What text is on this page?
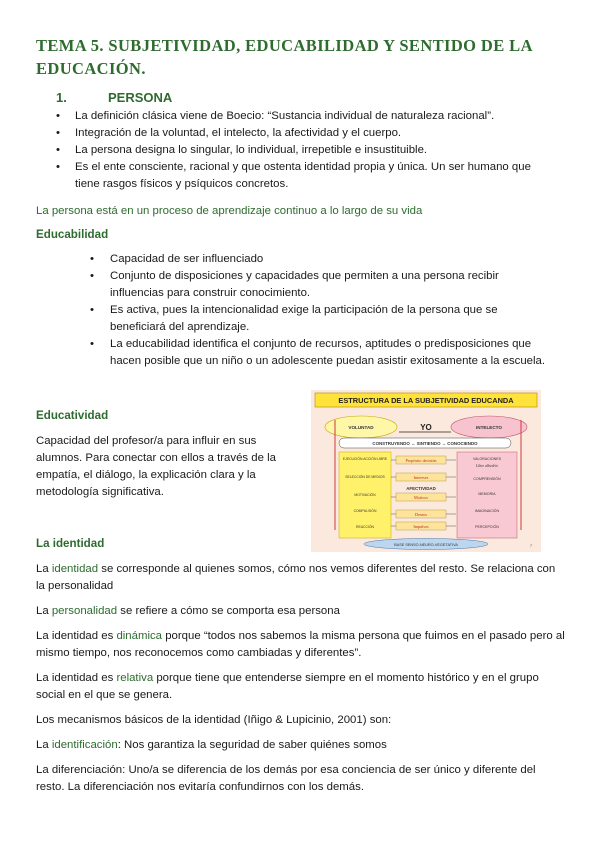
TEMA 5. SUBJETIVIDAD, EDUCABILIDAD Y SENTIDO DE LA EDUCACIÓN.
1.	PERSONA
• La definición clásica viene de Boecio: “Sustancia individual de naturaleza racional”.
• Integración de la voluntad, el intelecto, la afectividad y el cuerpo.
• La persona designa lo singular, lo individual, irrepetible e insustituible.
• Es el ente consciente, racional y que ostenta identidad propia y única. Un ser humano que tiene rasgos físicos y psíquicos concretos.

La persona está en un proceso de aprendizaje continuo a lo largo de su vida

Educabilidad

• Capacidad de ser influenciado
• Conjunto de disposiciones y capacidades que permiten a una persona recibir influencias para construir conocimiento.
• Es activa, pues la intencionalidad exige la participación de la persona que se beneficiará del aprendizaje.
• La educabilidad identifica el conjunto de recursos, aptitudes o predisposiciones que hacen posible que un niño o un adolescente puedan asistir exitosamente a la escuela.

Educatividad

Capacidad del profesor/a para influir en sus alumnos. Para conectar con ellos a través de la empatía, el diálogo, la explicación clara y la metodología significativa.

ESTRUCTURA DE LA SUBJETIVIDAD EDUCANDA
VOLUNTAD	INTELECTO
YO
CONSTRUYENDO ↔ SINTIENDO ↔ CONOCIENDO
EJECUCIÓN ACCIÓN LIBRE
SELECCIÓN DE MEDIOS
MOTIVACIÓN
COMPULSIÓN
REACCIÓN
Propósito decisión
Intereses
AFECTIVIDAD
Motivos
Deseos
Impulsos
VALORACIONES
Libre albedrío
COMPRENSIÓN
MEMORIA
IMAGINACIÓN
PERCEPCIÓN
BASE SENSO-NEURO-VEGETATIVA	7

La identidad

La identidad se corresponde al quienes somos, cómo nos vemos diferentes del resto. Se relaciona con la personalidad

La personalidad se refiere a cómo se comporta esa persona

La identidad es dinámica porque “todos nos sabemos la misma persona que fuimos en el pasado pero al mismo tiempo, nos reconocemos como cambiadas y diferentes”.

La identidad es relativa porque tiene que entenderse siempre en el momento histórico y en el grupo social en el que se genera.

Los mecanismos básicos de la identidad (Iñigo & Lupicinio, 2001) son:

La identificación: Nos garantiza la seguridad de saber quiénes somos

La diferenciación: Uno/a se diferencia de los demás por esa conciencia de ser único y diferente del resto. La diferenciación nos evitaría confundirnos con los demás.
